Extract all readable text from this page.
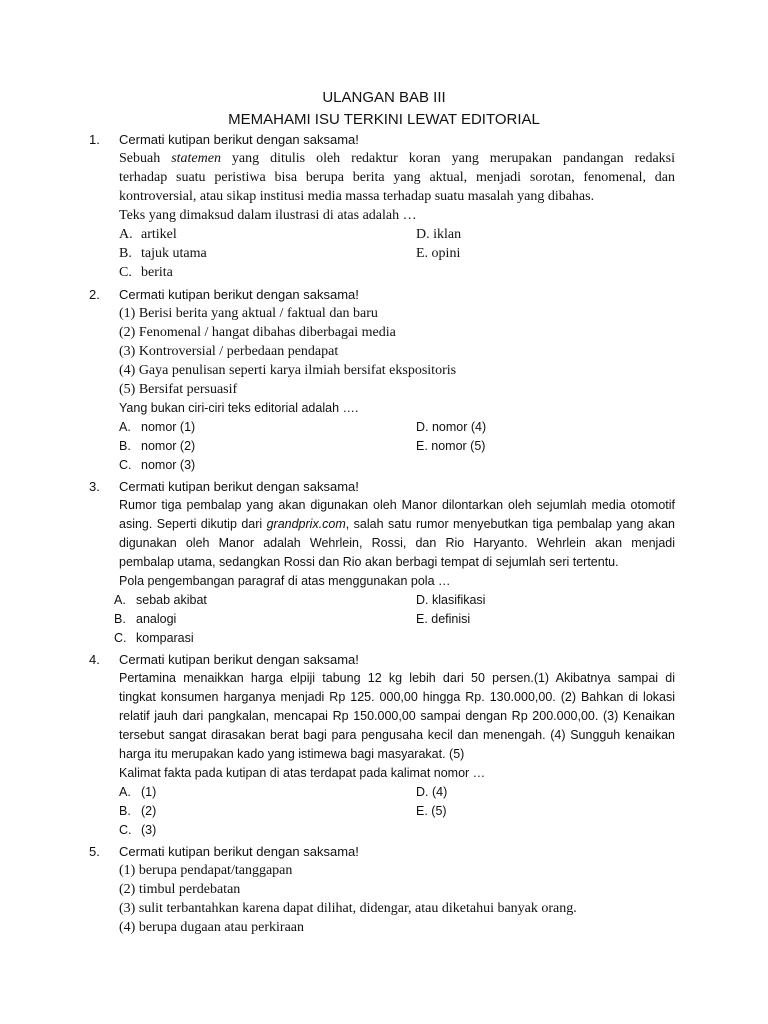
ULANGAN BAB III
MEMAHAMI ISU TERKINI LEWAT EDITORIAL
1. Cermati kutipan berikut dengan saksama!
Sebuah statemen yang ditulis oleh redaktur koran yang merupakan pandangan redaksi
terhadap suatu peristiwa bisa berupa berita yang aktual, menjadi sorotan, fenomenal, dan
kontroversial, atau sikap institusi media massa terhadap suatu masalah yang dibahas.
Teks yang dimaksud dalam ilustrasi di atas adalah …
A. artikel
B. tajuk utama
C. berita
D. iklan
E. opini
2. Cermati kutipan berikut dengan saksama!
(1) Berisi berita yang aktual / faktual dan baru
(2) Fenomenal / hangat dibahas diberbagai media
(3) Kontroversial / perbedaan pendapat
(4) Gaya penulisan seperti karya ilmiah bersifat ekspositoris
(5) Bersifat persuasif
Yang bukan ciri-ciri teks editorial adalah ….
A. nomor (1)
B. nomor (2)
C. nomor (3)
D. nomor (4)
E. nomor (5)
3. Cermati kutipan berikut dengan saksama!
Rumor tiga pembalap yang akan digunakan oleh Manor dilontarkan oleh sejumlah media otomotif
asing. Seperti dikutip dari grandprix.com, salah satu rumor menyebutkan tiga pembalap yang akan
digunakan oleh Manor adalah Wehrlein, Rossi, dan Rio Haryanto. Wehrlein akan menjadi
pembalap utama, sedangkan Rossi dan Rio akan berbagi tempat di sejumlah seri tertentu.
Pola pengembangan paragraf di atas menggunakan pola …
A. sebab akibat
B. analogi
C. komparasi
D. klasifikasi
E. definisi
4. Cermati kutipan berikut dengan saksama!
Pertamina menaikkan harga elpiji tabung 12 kg lebih dari 50 persen.(1) Akibatnya sampai di
tingkat konsumen harganya menjadi Rp 125. 000,00 hingga Rp. 130.000,00. (2) Bahkan di lokasi
relatif jauh dari pangkalan, mencapai Rp 150.000,00 sampai dengan Rp 200.000,00. (3) Kenaikan
tersebut sangat dirasakan berat bagi para pengusaha kecil dan menengah. (4) Sungguh kenaikan
harga itu merupakan kado yang istimewa bagi masyarakat. (5)
Kalimat fakta pada kutipan di atas terdapat pada kalimat nomor …
A. (1)
B. (2)
C. (3)
D. (4)
E. (5)
5. Cermati kutipan berikut dengan saksama!
(1) berupa pendapat/tanggapan
(2) timbul perdebatan
(3) sulit terbantahkan karena dapat dilihat, didengar, atau diketahui banyak orang.
(4) berupa dugaan atau perkiraan
